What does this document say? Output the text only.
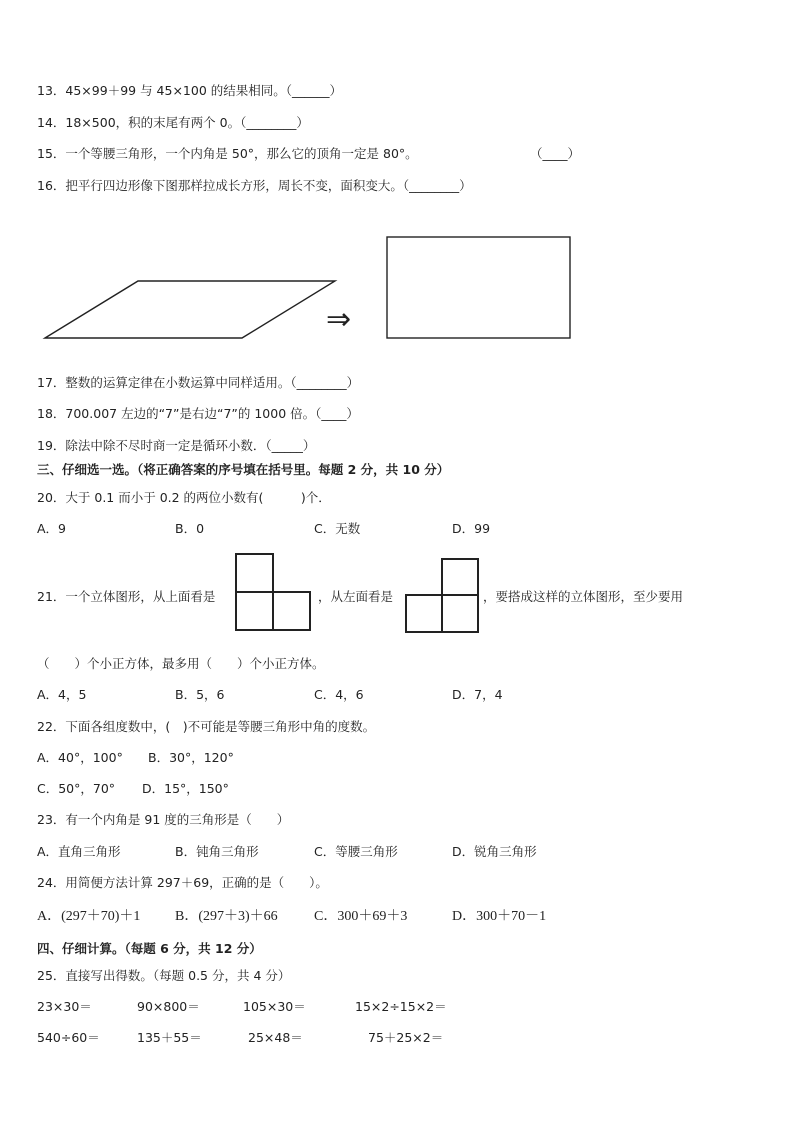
13．45×99＋99 与 45×100 的结果相同。（______）
14．18×500，积的末尾有两个 0。（________）
15．一个等腰三角形，一个内角是 50°，那么它的顶角一定是 80°。	（____）
16．把平行四边形像下图那样拉成长方形，周长不变，面积变大。（________）
⇒
17．整数的运算定律在小数运算中同样适用。（________）
18．700.007 左边的“7”是右边“7”的 1000 倍。（____）
19．除法中除不尽时商一定是循环小数．（_____）
三、仔细选一选。（将正确答案的序号填在括号里。每题 2 分，共 10 分）
20．大于 0.1 而小于 0.2 的两位小数有(　　　)个．
A．9	B．0	C．无数	D．99
21．一个立体图形，从上面看是	，从左面看是	，要搭成这样的立体图形，至少要用
（　　）个小正方体，最多用（　　）个小正方体。
A．4，5	B．5，6	C．4，6	D．7，4
22．下面各组度数中，(　)不可能是等腰三角形中角的度数。
A．40°，100° B．30°，120°
C．50°，70° D．15°，150°
23．有一个内角是 91 度的三角形是（　　）
A．直角三角形	B．钝角三角形	C．等腰三角形	D．锐角三角形
24．用简便方法计算 297＋69，正确的是（　　）。
A．(297＋70)＋1 B．(297＋3)＋66	C．300＋69＋3	D．300＋70－1
四、仔细计算。（每题 6 分，共 12 分）
25．直接写出得数。（每题 0.5 分，共 4 分）
23×30＝	90×800＝	105×30＝	15×2÷15×2＝
540÷60＝	135＋55＝	25×48＝	75＋25×2＝
